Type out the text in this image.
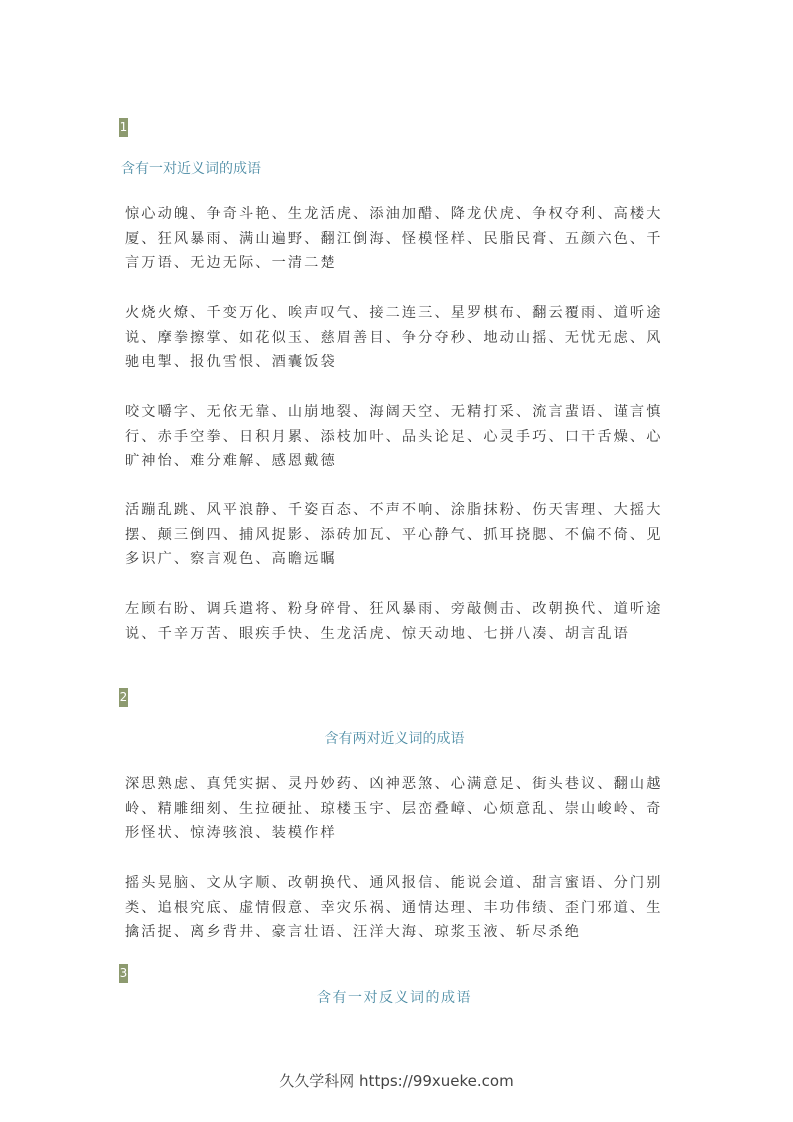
1
含有一对近义词的成语
惊心动魄、争奇斗艳、生龙活虎、添油加醋、降龙伏虎、争权夺利、高楼大厦、狂风暴雨、满山遍野、翻江倒海、怪模怪样、民脂民膏、五颜六色、千言万语、无边无际、一清二楚
火烧火燎、千变万化、唉声叹气、接二连三、星罗棋布、翻云覆雨、道听途说、摩拳擦掌、如花似玉、慈眉善目、争分夺秒、地动山摇、无忧无虑、风驰电掣、报仇雪恨、酒囊饭袋
咬文嚼字、无依无靠、山崩地裂、海阔天空、无精打采、流言蜚语、谨言慎行、赤手空拳、日积月累、添枝加叶、品头论足、心灵手巧、口干舌燥、心旷神怡、难分难解、感恩戴德
活蹦乱跳、风平浪静、千姿百态、不声不响、涂脂抹粉、伤天害理、大摇大摆、颠三倒四、捕风捉影、添砖加瓦、平心静气、抓耳挠腮、不偏不倚、见多识广、察言观色、高瞻远瞩
左顾右盼、调兵遣将、粉身碎骨、狂风暴雨、旁敲侧击、改朝换代、道听途说、千辛万苦、眼疾手快、生龙活虎、惊天动地、七拼八凑、胡言乱语
2
含有两对近义词的成语
深思熟虑、真凭实据、灵丹妙药、凶神恶煞、心满意足、街头巷议、翻山越岭、精雕细刻、生拉硬扯、琼楼玉宇、层峦叠嶂、心烦意乱、崇山峻岭、奇形怪状、惊涛骇浪、装模作样
摇头晃脑、文从字顺、改朝换代、通风报信、能说会道、甜言蜜语、分门别类、追根究底、虚情假意、幸灾乐祸、通情达理、丰功伟绩、歪门邪道、生擒活捉、离乡背井、豪言壮语、汪洋大海、琼浆玉液、斩尽杀绝
3
含有一对反义词的成语
久久学科网 https://99xueke.com
